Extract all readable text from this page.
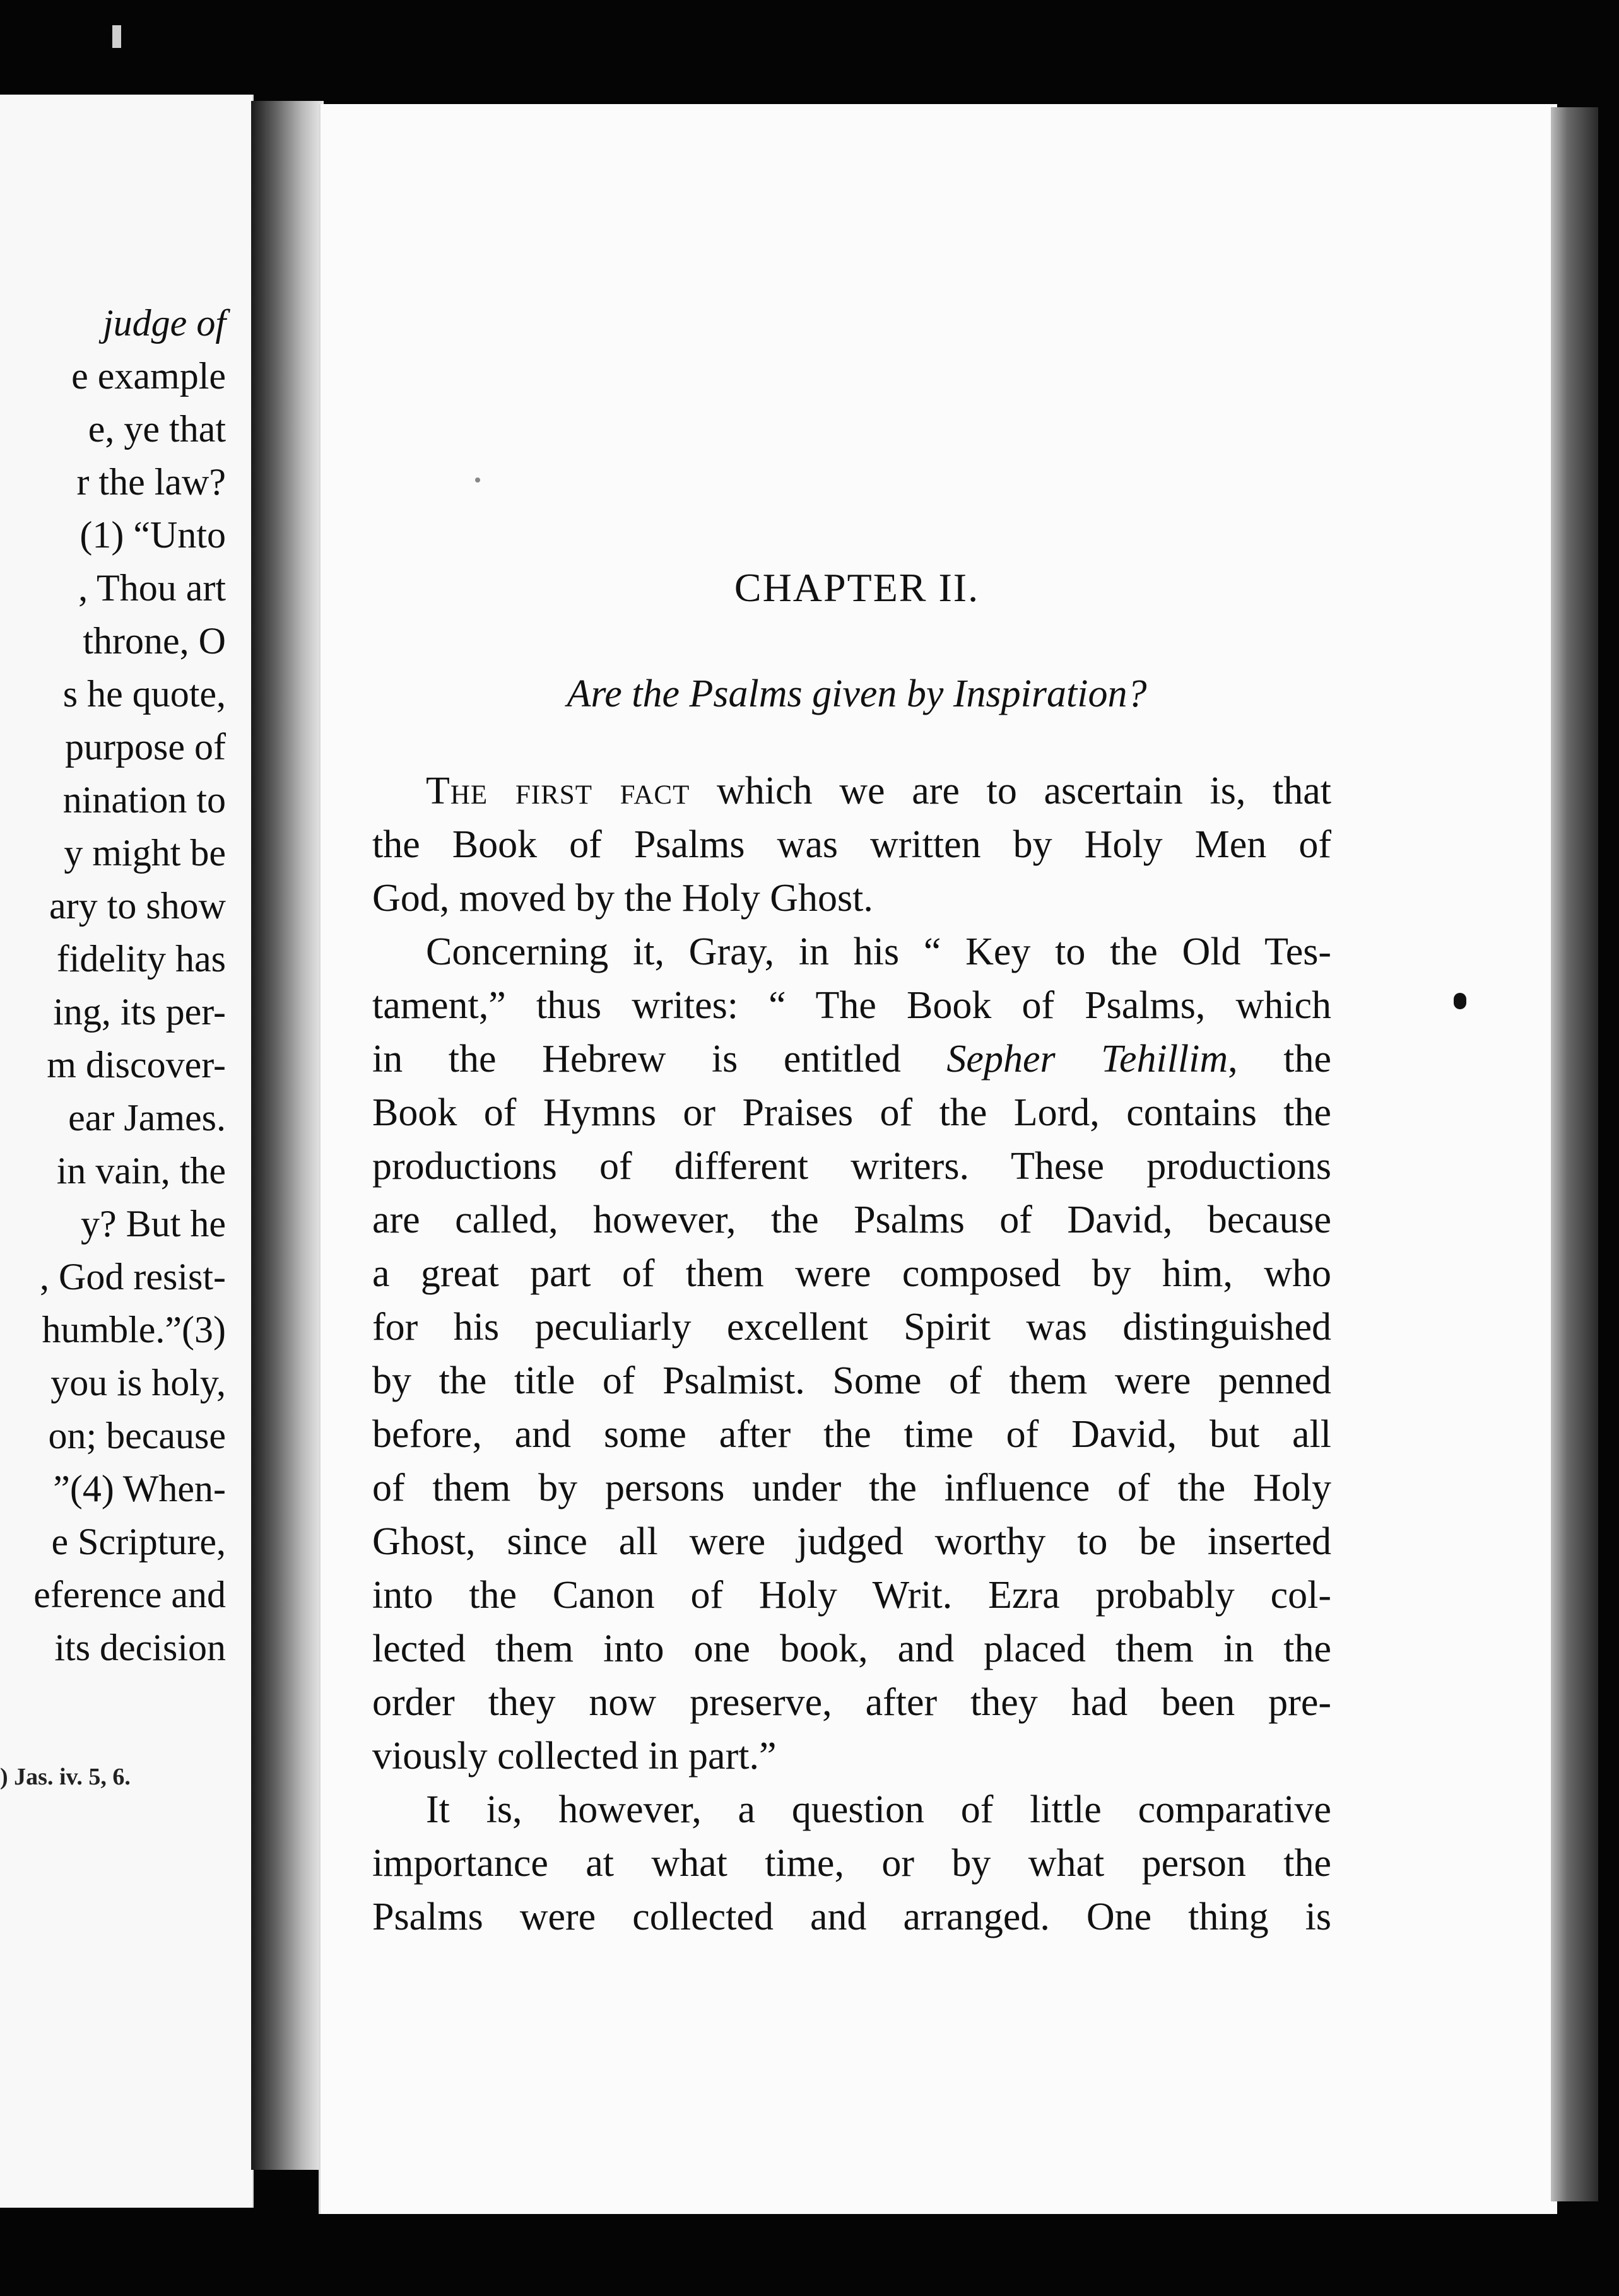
judge of
e example
e, ye that
r the law?
(1) “Unto
, Thou art
throne, O
s he quote,
purpose of
nination to
y might be
ary to show
fidelity has
ing, its per-
m discover-
ear James.
in vain, the
y? But he
, God resist-
humble.”(3)
you is holy,
on; because
”(4) When-
e Scripture,
eference and
its decision
) Jas. iv. 5, 6.
CHAPTER II.
Are the Psalms given by Inspiration?
The first fact which we are to ascertain is, that
the Book of Psalms was written by Holy Men of
God, moved by the Holy Ghost.
Concerning it, Gray, in his “ Key to the Old Tes-
tament,” thus writes: “ The Book of Psalms, which
in the Hebrew is entitled Sepher Tehillim, the
Book of Hymns or Praises of the Lord, contains the
productions of different writers. These productions
are called, however, the Psalms of David, because
a great part of them were composed by him, who
for his peculiarly excellent Spirit was distinguished
by the title of Psalmist. Some of them were penned
before, and some after the time of David, but all
of them by persons under the influence of the Holy
Ghost, since all were judged worthy to be inserted
into the Canon of Holy Writ. Ezra probably col-
lected them into one book, and placed them in the
order they now preserve, after they had been pre-
viously collected in part.”
It is, however, a question of little comparative
importance at what time, or by what person the
Psalms were collected and arranged. One thing is
